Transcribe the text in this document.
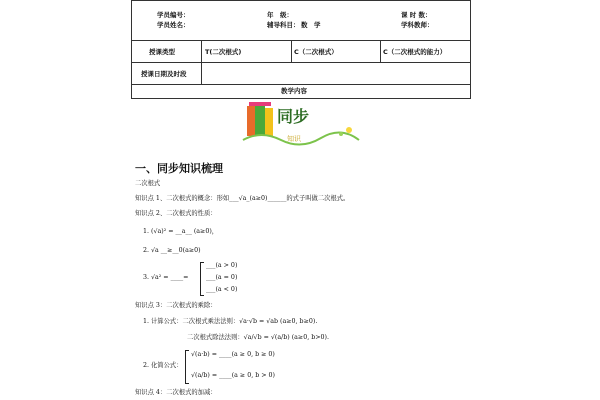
学员编号：	年　级：	课 时 数：
学员姓名：	辅导科目： 数　学	学科教师：
授课类型	T(二次根式)	C（二次根式）	C（二次根式的能力）
授课日期及时段
教学内容
同步
知识
一、同步知识梳理
二次根式
知识点 1、二次根式的概念：形如___√a_(a≥0)______的式子叫做二次根式。
知识点 2、二次根式的性质：
1. (√a)² = __a__ (a≥0)，
2. √a __≥__0(a≥0)
3. √a² = ____=
___(a > 0)
___(a = 0)
___(a < 0)
知识点 3：二次根式的乘除：
1. 计算公式：二次根式乘法法则：√a·√b = √ab (a≥0, b≥0).
二次根式除法法则：√a/√b = √(a/b) (a≥0, b>0).
2. 化简公式：
√(a·b) = ____(a ≥ 0, b ≥ 0)
√(a/b) = ____(a ≥ 0, b > 0)
知识点 4：二次根式的加减：
